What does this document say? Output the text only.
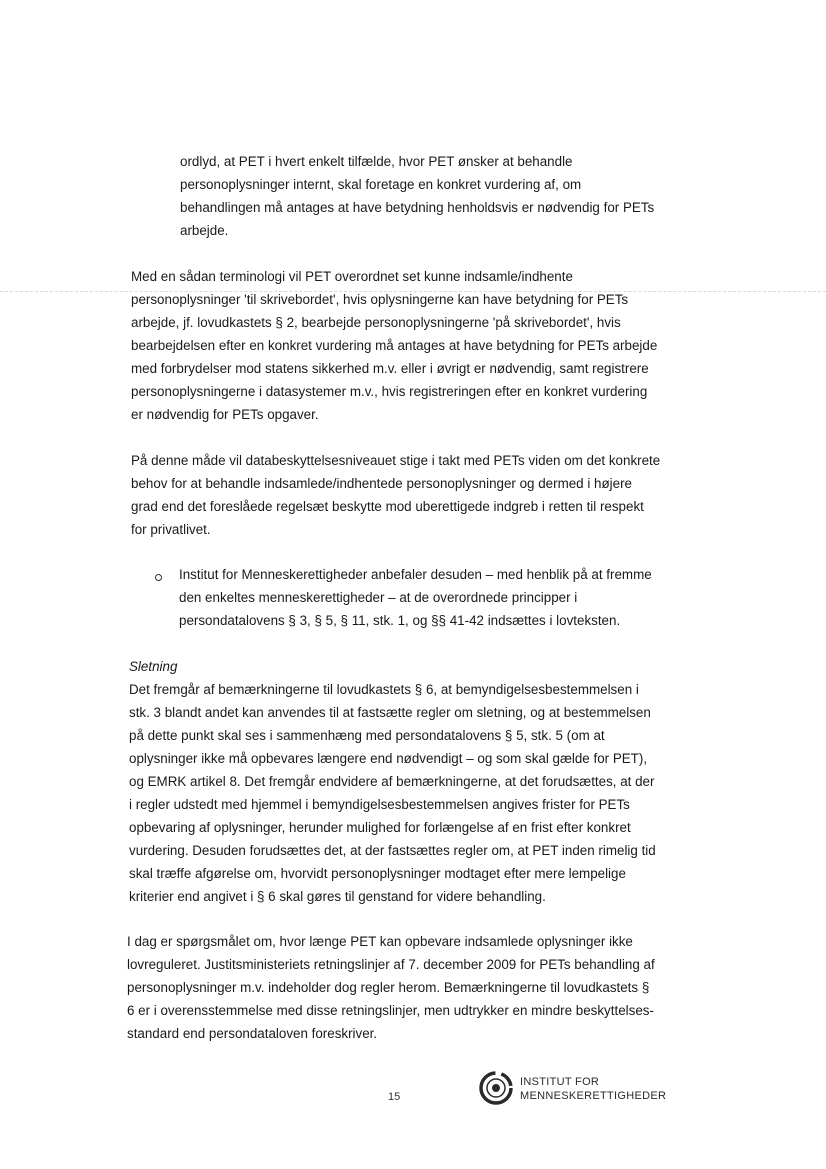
ordlyd, at PET i hvert enkelt tilfælde, hvor PET ønsker at behandle
personoplysninger internt, skal foretage en konkret vurdering af, om
behandlingen må antages at have betydning henholdsvis er nødvendig for PETs
arbejde.

Med en sådan terminologi vil PET overordnet set kunne indsamle/indhente
personoplysninger 'til skrivebordet', hvis oplysningerne kan have betydning for PETs
arbejde, jf. lovudkastets § 2, bearbejde personoplysningerne 'på skrivebordet', hvis
bearbejdelsen efter en konkret vurdering må antages at have betydning for PETs arbejde
med forbrydelser mod statens sikkerhed m.v. eller i øvrigt er nødvendig, samt registrere
personoplysningerne i datasystemer m.v., hvis registreringen efter en konkret vurdering
er nødvendig for PETs opgaver.

På denne måde vil databeskyttelsesniveauet stige i takt med PETs viden om det konkrete
behov for at behandle indsamlede/indhentede personoplysninger og dermed i højere
grad end det foreslåede regelsæt beskytte mod uberettigede indgreb i retten til respekt
for privatlivet.

Institut for Menneskerettigheder anbefaler desuden – med henblik på at fremme
den enkeltes menneskerettigheder – at de overordnede principper i
persondatalovens § 3, § 5, § 11, stk. 1, og §§ 41-42 indsættes i lovteksten.

Sletning

Det fremgår af bemærkningerne til lovudkastets § 6, at bemyndigelsesbestemmelsen i
stk. 3 blandt andet kan anvendes til at fastsætte regler om sletning, og at bestemmelsen
på dette punkt skal ses i sammenhæng med persondatalovens § 5, stk. 5 (om at
oplysninger ikke må opbevares længere end nødvendigt – og som skal gælde for PET),
og EMRK artikel 8. Det fremgår endvidere af bemærkningerne, at det forudsættes, at der
i regler udstedt med hjemmel i bemyndigelsesbestemmelsen angives frister for PETs
opbevaring af oplysninger, herunder mulighed for forlængelse af en frist efter konkret
vurdering. Desuden forudsættes det, at der fastsættes regler om, at PET inden rimelig tid
skal træffe afgørelse om, hvorvidt personoplysninger modtaget efter mere lempelige
kriterier end angivet i § 6 skal gøres til genstand for videre behandling.

I dag er spørgsmålet om, hvor længe PET kan opbevare indsamlede oplysninger ikke
lovreguleret. Justitsministeriets retningslinjer af 7. december 2009 for PETs behandling af
personoplysninger m.v. indeholder dog regler herom. Bemærkningerne til lovudkastets §
6 er i overensstemmelse med disse retningslinjer, men udtrykker en mindre beskyttelses-
standard end persondataloven foreskriver.

15
INSTITUT FOR
MENNESKERETTIGHEDER
